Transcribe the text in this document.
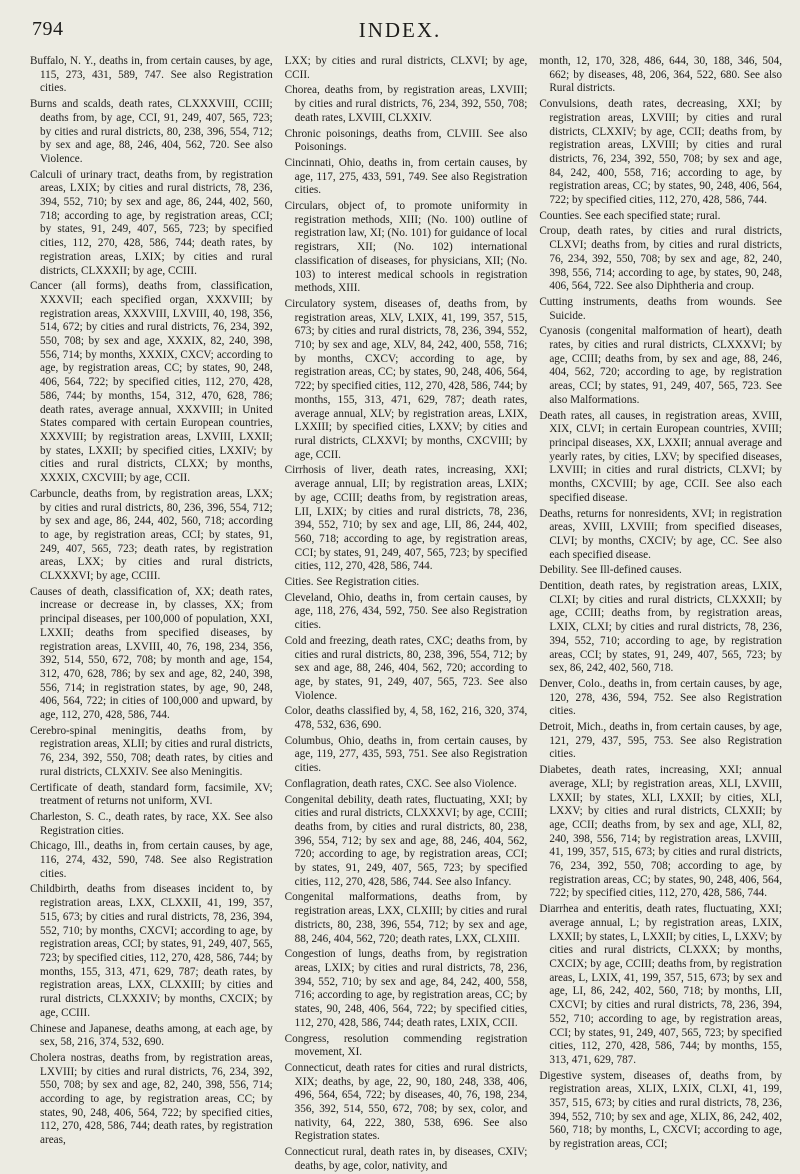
794	INDEX.

Buffalo, N. Y., deaths in, from certain causes, by age, 115, 273, 431, 589, 747. See also Registration cities.

Burns and scalds, death rates, CLXXXVIII, CCIII; deaths from, by age, CCI, 91, 249, 407, 565, 723; by cities and rural districts, 80, 238, 396, 554, 712; by sex and age, 88, 246, 404, 562, 720. See also Violence.

Calculi of urinary tract, deaths from, by registration areas, LXIX; by cities and rural districts, 78, 236, 394, 552, 710; by sex and age, 86, 244, 402, 560, 718; according to age, by registration areas, CCI; by states, 91, 249, 407, 565, 723; by specified cities, 112, 270, 428, 586, 744; death rates, by registration areas, LXIX; by cities and rural districts, CLXXXII; by age, CCIII.

Cancer (all forms), deaths from, classification, XXXVII; each specified organ, XXXVIII; by registration areas, XXXVIII, LXVIII, 40, 198, 356, 514, 672; by cities and rural districts, 76, 234, 392, 550, 708; by sex and age, XXXIX, 82, 240, 398, 556, 714; by months, XXXIX, CXCV; according to age, by registration areas, CC; by states, 90, 248, 406, 564, 722; by specified cities, 112, 270, 428, 586, 744; by months, 154, 312, 470, 628, 786; death rates, average annual, XXXVIII; in United States compared with certain European countries, XXXVIII; by registration areas, LXVIII, LXXII; by states, LXXII; by specified cities, LXXIV; by cities and rural districts, CLXX; by months, XXXIX, CXCVIII; by age, CCII.

Carbuncle, deaths from, by registration areas, LXX; by cities and rural districts, 80, 236, 396, 554, 712; by sex and age, 86, 244, 402, 560, 718; according to age, by registration areas, CCI; by states, 91, 249, 407, 565, 723; death rates, by registration areas, LXX; by cities and rural districts, CLXXXVI; by age, CCIII.

Causes of death, classification of, XX; death rates, increase or decrease in, by classes, XX; from principal diseases, per 100,000 of population, XXI, LXXII; deaths from specified diseases, by registration areas, LXVIII, 40, 76, 198, 234, 356, 392, 514, 550, 672, 708; by month and age, 154, 312, 470, 628, 786; by sex and age, 82, 240, 398, 556, 714; in registration states, by age, 90, 248, 406, 564, 722; in cities of 100,000 and upward, by age, 112, 270, 428, 586, 744.

Cerebro-spinal meningitis, deaths from, by registration areas, XLII; by cities and rural districts, 76, 234, 392, 550, 708; death rates, by cities and rural districts, CLXXIV. See also Meningitis.

Certificate of death, standard form, facsimile, XV; treatment of returns not uniform, XVI.

Charleston, S. C., death rates, by race, XX. See also Registration cities.

Chicago, Ill., deaths in, from certain causes, by age, 116, 274, 432, 590, 748. See also Registration cities.

Childbirth, deaths from diseases incident to, by registration areas, LXX, CLXXII, 41, 199, 357, 515, 673; by cities and rural districts, 78, 236, 394, 552, 710; by months, CXCVI; according to age, by registration areas, CCI; by states, 91, 249, 407, 565, 723; by specified cities, 112, 270, 428, 586, 744; by months, 155, 313, 471, 629, 787; death rates, by registration areas, LXX, CLXXIII; by cities and rural districts, CLXXXIV; by months, CXCIX; by age, CCIII.

Chinese and Japanese, deaths among, at each age, by sex, 58, 216, 374, 532, 690.

Cholera nostras, deaths from, by registration areas, LXVIII; by cities and rural districts, 76, 234, 392, 550, 708; by sex and age, 82, 240, 398, 556, 714; according to age, by registration areas, CC; by states, 90, 248, 406, 564, 722; by specified cities, 112, 270, 428, 586, 744; death rates, by registration areas,

LXX; by cities and rural districts, CLXVI; by age, CCII.

Chorea, deaths from, by registration areas, LXVIII; by cities and rural districts, 76, 234, 392, 550, 708; death rates, LXVIII, CLXXIV.

Chronic poisonings, deaths from, CLVIII. See also Poisonings.

Cincinnati, Ohio, deaths in, from certain causes, by age, 117, 275, 433, 591, 749. See also Registration cities.

Circulars, object of, to promote uniformity in registration methods, XIII; (No. 100) outline of registration law, XI; (No. 101) for guidance of local registrars, XII; (No. 102) international classification of diseases, for physicians, XII; (No. 103) to interest medical schools in registration methods, XIII.

Circulatory system, diseases of, deaths from, by registration areas, XLV, LXIX, 41, 199, 357, 515, 673; by cities and rural districts, 78, 236, 394, 552, 710; by sex and age, XLV, 84, 242, 400, 558, 716; by months, CXCV; according to age, by registration areas, CC; by states, 90, 248, 406, 564, 722; by specified cities, 112, 270, 428, 586, 744; by months, 155, 313, 471, 629, 787; death rates, average annual, XLV; by registration areas, LXIX, LXXIII; by specified cities, LXXV; by cities and rural districts, CLXXVI; by months, CXCVIII; by age, CCII.

Cirrhosis of liver, death rates, increasing, XXI; average annual, LII; by registration areas, LXIX; by age, CCIII; deaths from, by registration areas, LII, LXIX; by cities and rural districts, 78, 236, 394, 552, 710; by sex and age, LII, 86, 244, 402, 560, 718; according to age, by registration areas, CCI; by states, 91, 249, 407, 565, 723; by specified cities, 112, 270, 428, 586, 744.

Cities. See Registration cities.

Cleveland, Ohio, deaths in, from certain causes, by age, 118, 276, 434, 592, 750. See also Registration cities.

Cold and freezing, death rates, CXC; deaths from, by cities and rural districts, 80, 238, 396, 554, 712; by sex and age, 88, 246, 404, 562, 720; according to age, by states, 91, 249, 407, 565, 723. See also Violence.

Color, deaths classified by, 4, 58, 162, 216, 320, 374, 478, 532, 636, 690.

Columbus, Ohio, deaths in, from certain causes, by age, 119, 277, 435, 593, 751. See also Registration cities.

Conflagration, death rates, CXC. See also Violence.

Congenital debility, death rates, fluctuating, XXI; by cities and rural districts, CLXXXVI; by age, CCIII; deaths from, by cities and rural districts, 80, 238, 396, 554, 712; by sex and age, 88, 246, 404, 562, 720; according to age, by registration areas, CCI; by states, 91, 249, 407, 565, 723; by specified cities, 112, 270, 428, 586, 744. See also Infancy.

Congenital malformations, deaths from, by registration areas, LXX, CLXIII; by cities and rural districts, 80, 238, 396, 554, 712; by sex and age, 88, 246, 404, 562, 720; death rates, LXX, CLXIII.

Congestion of lungs, deaths from, by registration areas, LXIX; by cities and rural districts, 78, 236, 394, 552, 710; by sex and age, 84, 242, 400, 558, 716; according to age, by registration areas, CC; by states, 90, 248, 406, 564, 722; by specified cities, 112, 270, 428, 586, 744; death rates, LXIX, CCII.

Congress, resolution commending registration movement, XI.

Connecticut, death rates for cities and rural districts, XIX; deaths, by age, 22, 90, 180, 248, 338, 406, 496, 564, 654, 722; by diseases, 40, 76, 198, 234, 356, 392, 514, 550, 672, 708; by sex, color, and nativity, 64, 222, 380, 538, 696. See also Registration states.

Connecticut rural, death rates in, by diseases, CXIV; deaths, by age, color, nativity, and

month, 12, 170, 328, 486, 644, 30, 188, 346, 504, 662; by diseases, 48, 206, 364, 522, 680. See also Rural districts.

Convulsions, death rates, decreasing, XXI; by registration areas, LXVIII; by cities and rural districts, CLXXIV; by age, CCII; deaths from, by registration areas, LXVIII; by cities and rural districts, 76, 234, 392, 550, 708; by sex and age, 84, 242, 400, 558, 716; according to age, by registration areas, CC; by states, 90, 248, 406, 564, 722; by specified cities, 112, 270, 428, 586, 744.

Counties. See each specified state; rural.

Croup, death rates, by cities and rural districts, CLXVI; deaths from, by cities and rural districts, 76, 234, 392, 550, 708; by sex and age, 82, 240, 398, 556, 714; according to age, by states, 90, 248, 406, 564, 722. See also Diphtheria and croup.

Cutting instruments, deaths from wounds. See Suicide.

Cyanosis (congenital malformation of heart), death rates, by cities and rural districts, CLXXXVI; by age, CCIII; deaths from, by sex and age, 88, 246, 404, 562, 720; according to age, by registration areas, CCI; by states, 91, 249, 407, 565, 723. See also Malformations.

Death rates, all causes, in registration areas, XVIII, XIX, CLVI; in certain European countries, XVIII; principal diseases, XX, LXXII; annual average and yearly rates, by cities, LXV; by specified diseases, LXVIII; in cities and rural districts, CLXVI; by months, CXCVIII; by age, CCII. See also each specified disease.

Deaths, returns for nonresidents, XVI; in registration areas, XVIII, LXVIII; from specified diseases, CLVI; by months, CXCIV; by age, CC. See also each specified disease.

Debility. See Ill-defined causes.

Dentition, death rates, by registration areas, LXIX, CLXI; by cities and rural districts, CLXXXII; by age, CCIII; deaths from, by registration areas, LXIX, CLXI; by cities and rural districts, 78, 236, 394, 552, 710; according to age, by registration areas, CCI; by states, 91, 249, 407, 565, 723; by sex, 86, 242, 402, 560, 718.

Denver, Colo., deaths in, from certain causes, by age, 120, 278, 436, 594, 752. See also Registration cities.

Detroit, Mich., deaths in, from certain causes, by age, 121, 279, 437, 595, 753. See also Registration cities.

Diabetes, death rates, increasing, XXI; annual average, XLI; by registration areas, XLI, LXVIII, LXXII; by states, XLI, LXXII; by cities, XLI, LXXV; by cities and rural districts, CLXXII; by age, CCII; deaths from, by sex and age, XLI, 82, 240, 398, 556, 714; by registration areas, LXVIII, 41, 199, 357, 515, 673; by cities and rural districts, 76, 234, 392, 550, 708; according to age, by registration areas, CC; by states, 90, 248, 406, 564, 722; by specified cities, 112, 270, 428, 586, 744.

Diarrhea and enteritis, death rates, fluctuating, XXI; average annual, L; by registration areas, LXIX, LXXII; by states, L, LXXII; by cities, L, LXXV; by cities and rural districts, CLXXX; by months, CXCIX; by age, CCIII; deaths from, by registration areas, L, LXIX, 41, 199, 357, 515, 673; by sex and age, LI, 86, 242, 402, 560, 718; by months, LII, CXCVI; by cities and rural districts, 78, 236, 394, 552, 710; according to age, by registration areas, CCI; by states, 91, 249, 407, 565, 723; by specified cities, 112, 270, 428, 586, 744; by months, 155, 313, 471, 629, 787.

Digestive system, diseases of, deaths from, by registration areas, XLIX, LXIX, CLXI, 41, 199, 357, 515, 673; by cities and rural districts, 78, 236, 394, 552, 710; by sex and age, XLIX, 86, 242, 402, 560, 718; by months, L, CXCVI; according to age, by registration areas, CCI;
